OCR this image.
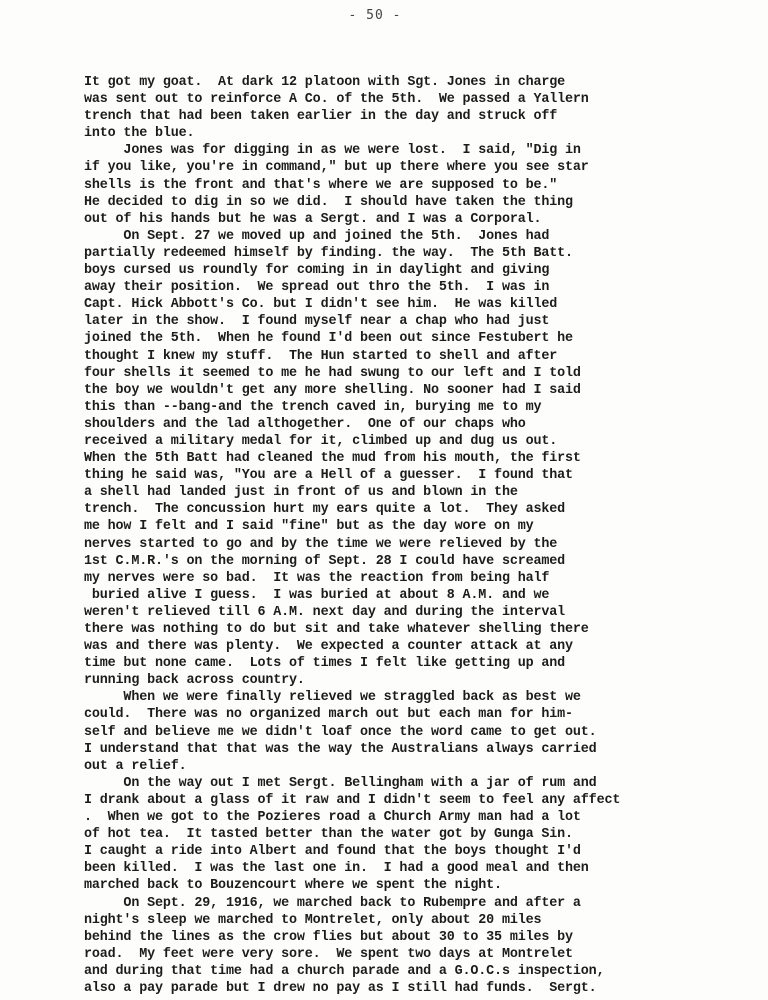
- 50 -
It got my goat.  At dark 12 platoon with Sgt. Jones in charge
was sent out to reinforce A Co. of the 5th.  We passed a Yallern
trench that had been taken earlier in the day and struck off
into the blue.
Jones was for digging in as we were lost.  I said, "Dig in
if you like, you're in command," but up there where you see star
shells is the front and that's where we are supposed to be."
He decided to dig in so we did.  I should have taken the thing
out of his hands but he was a Sergt. and I was a Corporal.
On Sept. 27 we moved up and joined the 5th.  Jones had
partially redeemed himself by finding. the way.  The 5th Batt.
boys cursed us roundly for coming in in daylight and giving
away their position.  We spread out thro the 5th.  I was in
Capt. Hick Abbott's Co. but I didn't see him.  He was killed
later in the show.  I found myself near a chap who had just
joined the 5th.  When he found I'd been out since Festubert he
thought I knew my stuff.  The Hun started to shell and after
four shells it seemed to me he had swung to our left and I told
the boy we wouldn't get any more shelling. No sooner had I said
this than --bang-and the trench caved in, burying me to my
shoulders and the lad althogether.  One of our chaps who
received a military medal for it, climbed up and dug us out.
When the 5th Batt had cleaned the mud from his mouth, the first
thing he said was, "You are a Hell of a guesser.  I found that
a shell had landed just in front of us and blown in the
trench.  The concussion hurt my ears quite a lot.  They asked
me how I felt and I said "fine" but as the day wore on my
nerves started to go and by the time we were relieved by the
1st C.M.R.'s on the morning of Sept. 28 I could have screamed
my nerves were so bad.  It was the reaction from being half
buried alive I guess.  I was buried at about 8 A.M. and we
weren't relieved till 6 A.M. next day and during the interval
there was nothing to do but sit and take whatever shelling there
was and there was plenty.  We expected a counter attack at any
time but none came.  Lots of times I felt like getting up and
running back across country.
When we were finally relieved we straggled back as best we
could.  There was no organized march out but each man for him-
self and believe me we didn't loaf once the word came to get out.
I understand that that was the way the Australians always carried
out a relief.
On the way out I met Sergt. Bellingham with a jar of rum and
I drank about a glass of it raw and I didn't seem to feel any affect
.  When we got to the Pozieres road a Church Army man had a lot
of hot tea.  It tasted better than the water got by Gunga Sin.
I caught a ride into Albert and found that the boys thought I'd
been killed.  I was the last one in.  I had a good meal and then
marched back to Bouzencourt where we spent the night.
On Sept. 29, 1916, we marched back to Rubempre and after a
night's sleep we marched to Montrelet, only about 20 miles
behind the lines as the crow flies but about 30 to 35 miles by
road.  My feet were very sore.  We spent two days at Montrelet
and during that time had a church parade and a G.O.C.s inspection,
also a pay parade but I drew no pay as I still had funds.  Sergt.
